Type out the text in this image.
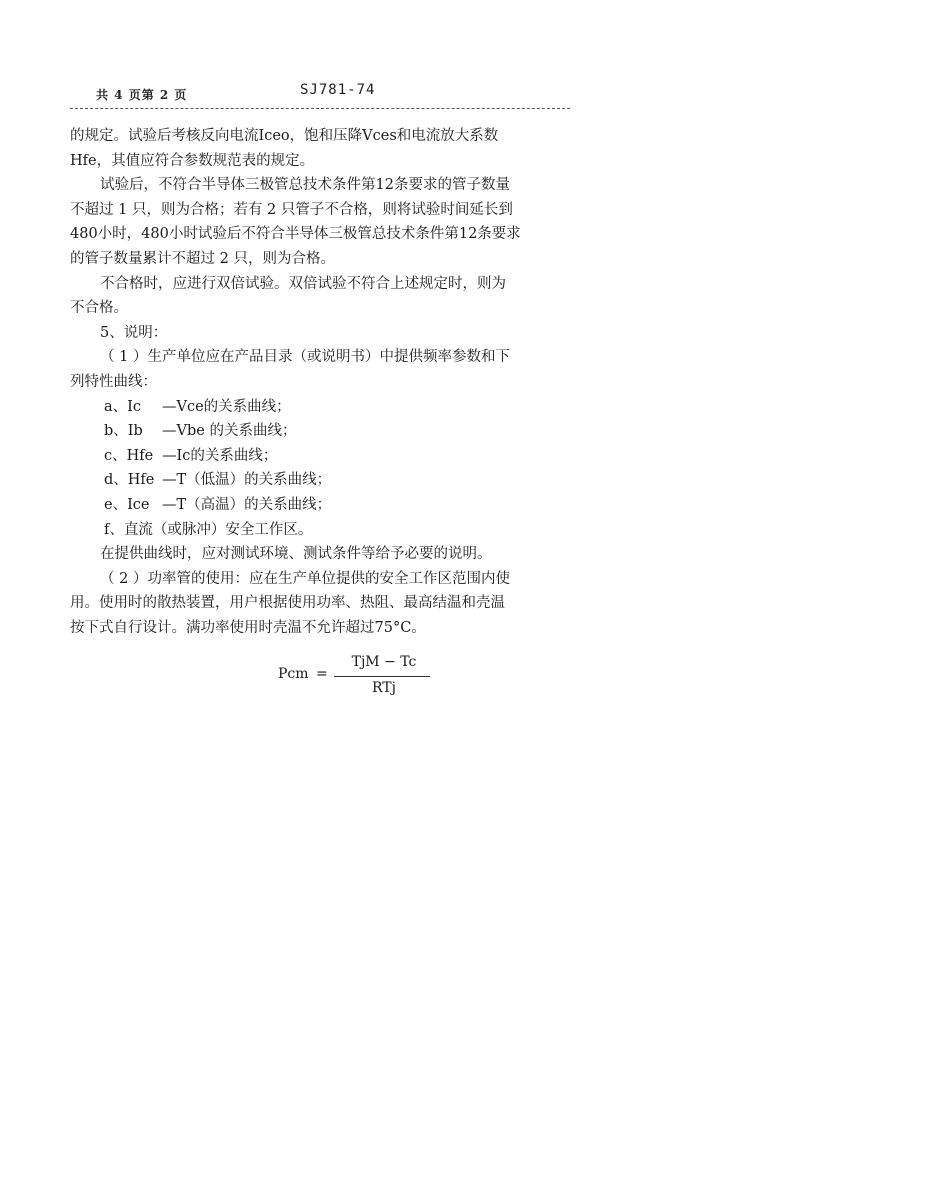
共 4 页第 2 页	SJ781-74
的规定。试验后考核反向电流Iceo，饱和压降Vces和电流放大系数
Hfe，其值应符合参数规范表的规定。
试验后，不符合半导体三极管总技术条件第12条要求的管子数量
不超过 1 只，则为合格；若有 2 只管子不合格，则将试验时间延长到
480小时，480小时试验后不符合半导体三极管总技术条件第12条要求
的管子数量累计不超过 2 只，则为合格。
不合格时，应进行双倍试验。双倍试验不符合上述规定时，则为
不合格。
5、说明：
（ 1 ）生产单位应在产品目录（或说明书）中提供频率参数和下
列特性曲线：
a、Ic —Vce的关系曲线；
b、Ib —Vbe 的关系曲线；
c、Hfe —Ic的关系曲线；
d、Hfe —T（低温）的关系曲线；
e、Ice —T（高温）的关系曲线；
f、直流（或脉冲）安全工作区。
在提供曲线时，应对测试环境、测试条件等给予必要的说明。
（ 2 ）功率管的使用：应在生产单位提供的安全工作区范围内使
用。使用时的散热装置，用户根据使用功率、热阻、最高结温和壳温
按下式自行设计。满功率使用时壳温不允许超过75°C。
Pcm =
TjM − Tc
RTj
